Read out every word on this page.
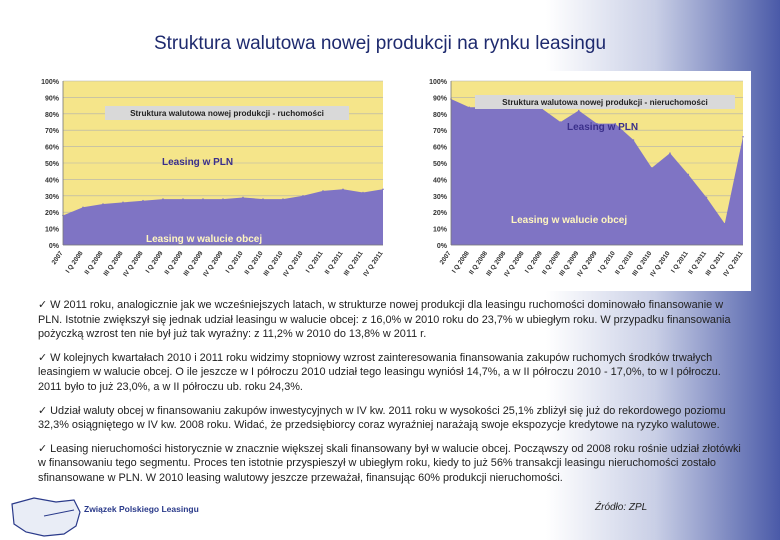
Struktura walutowa nowej produkcji na rynku leasingu
0%
10%
20%
30%
40%
50%
60%
70%
80%
90%
100%
2007 I Q 2008
II Q 2008
III Q 2008
IV Q 2008 I Q 2009
II Q 2009
III Q 2009
IV Q 2009 I Q 2010
II Q 2010
III Q 2010
IV Q 2010 I Q 2011 II Q 2011
III Q 2011
IV Q 2011
Struktura walutowa nowej produkcji - ruchomości
Leasing w PLN
Leasing w walucie obcej
0%
10%
20%
30%
40%
50%
60%
70%
80%
90%
100%
2007
I Q 2008
II Q 2008
III Q 2008
IV Q 2008
I Q 2009
II Q 2009
III Q 2009
IV Q 2009
I Q 2010
II Q 2010
III Q 2010
IV Q 2010
I Q 2011
II Q 2011
III Q 2011
IV Q 2011
Struktura walutowa nowej produkcji - nieruchomości
Leasing w PLN
Leasing w walucie obcej
✓ W 2011 roku, analogicznie jak we wcześniejszych latach, w strukturze nowej produkcji dla leasingu ruchomości dominowało finansowanie w PLN. Istotnie zwiększył się jednak udział leasingu w walucie obcej: z 16,0% w 2010 roku do 23,7% w ubiegłym roku. W przypadku finansowania pożyczką wzrost ten nie był już tak wyraźny: z 11,2% w 2010 do 13,8% w 2011 r.
✓ W kolejnych kwartałach 2010 i 2011 roku widzimy stopniowy wzrost zainteresowania finansowania zakupów ruchomych środków trwałych leasingiem w walucie obcej. O ile jeszcze w I półroczu 2010 udział tego leasingu wyniósł 14,7%, a w II półroczu 2010 - 17,0%, to w I półroczu. 2011 było to już 23,0%, a w II półroczu ub. roku 24,3%.
✓ Udział waluty obcej w finansowaniu zakupów inwestycyjnych w IV kw. 2011 roku w wysokości 25,1% zbliżył się już do rekordowego poziomu 32,3% osiągniętego w IV kw. 2008 roku. Widać, że przedsiębiorcy coraz wyraźniej narażają swoje ekspozycje kredytowe na ryzyko walutowe.
✓ Leasing nieruchomości historycznie w znacznie większej skali finansowany był w walucie obcej. Począwszy od 2008 roku rośnie udział złotówki w finansowaniu tego segmentu. Proces ten istotnie przyspieszył w ubiegłym roku, kiedy to już 56% transakcji leasingu nieruchomości zostało sfinansowane w PLN. W 2010 leasing walutowy jeszcze przeważał, finansując 60% produkcji nieruchomości.
Związek Polskiego Leasingu	Źródło: ZPL
